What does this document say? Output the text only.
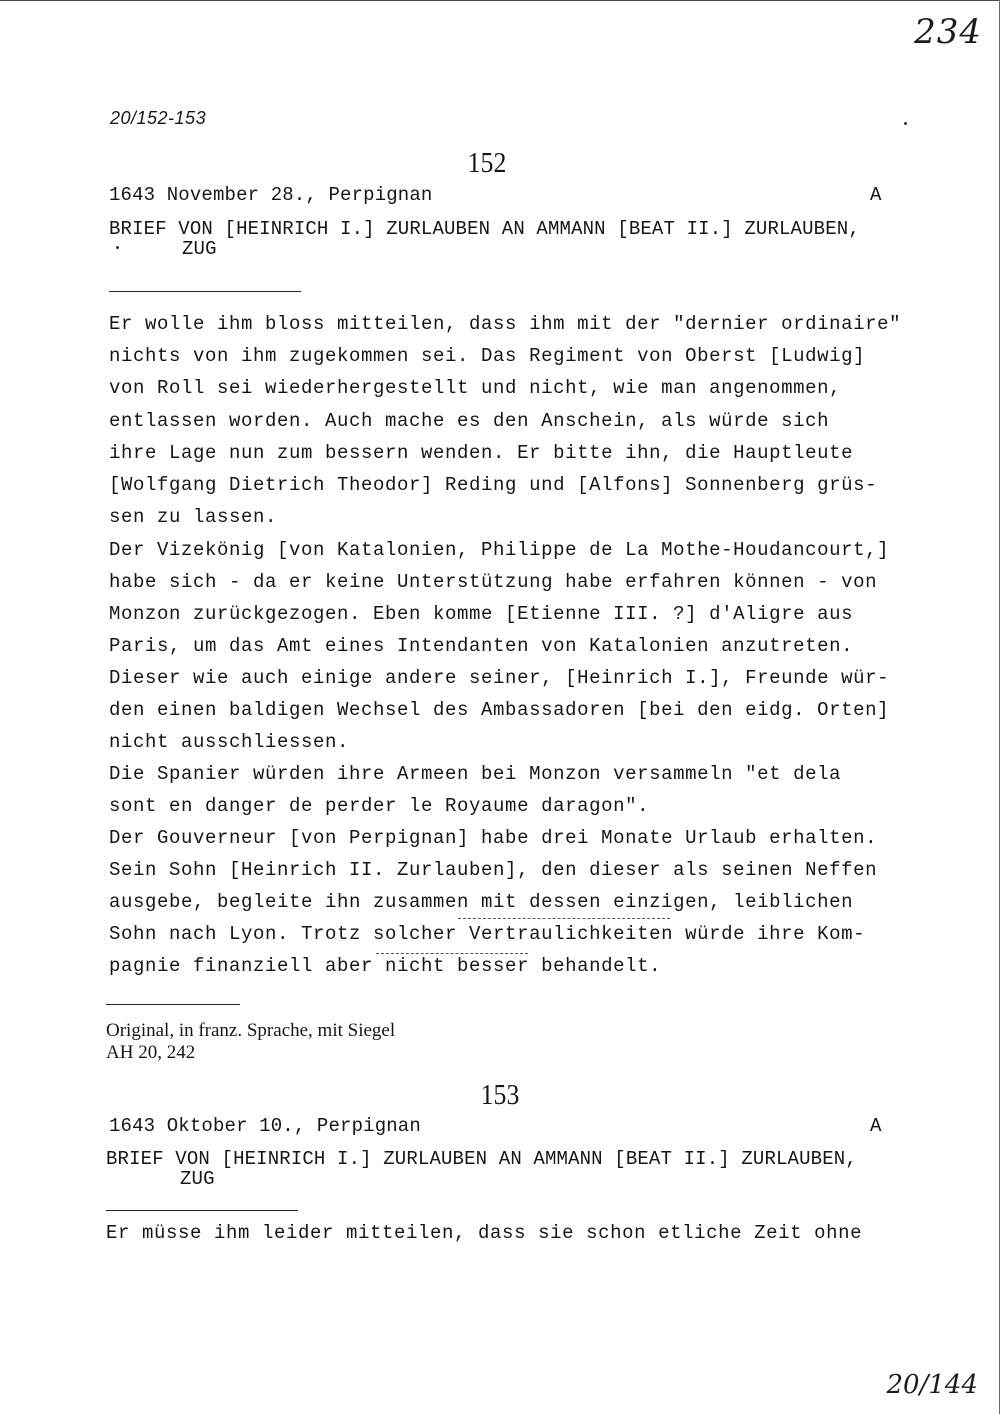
234
20/152-153
152
1643 November 28., Perpignan	A
BRIEF VON [HEINRICH I.] ZURLAUBEN AN AMMANN [BEAT II.] ZURLAUBEN,
ZUG
Er wolle ihm bloss mitteilen, dass ihm mit der "dernier ordinaire"
nichts von ihm zugekommen sei. Das Regiment von Oberst [Ludwig]
von Roll sei wiederhergestellt und nicht, wie man angenommen,
entlassen worden. Auch mache es den Anschein, als würde sich
ihre Lage nun zum bessern wenden. Er bitte ihn, die Hauptleute
[Wolfgang Dietrich Theodor] Reding und [Alfons] Sonnenberg grüs-
sen zu lassen.
Der Vizekönig [von Katalonien, Philippe de La Mothe-Houdancourt,]
habe sich - da er keine Unterstützung habe erfahren können - von
Monzon zurückgezogen. Eben komme [Etienne III. ?] d'Aligre aus
Paris, um das Amt eines Intendanten von Katalonien anzutreten.
Dieser wie auch einige andere seiner, [Heinrich I.], Freunde wür-
den einen baldigen Wechsel des Ambassadoren [bei den eidg. Orten]
nicht ausschliessen.
Die Spanier würden ihre Armeen bei Monzon versammeln "et dela
sont en danger de perder le Royaume daragon".
Der Gouverneur [von Perpignan] habe drei Monate Urlaub erhalten.
Sein Sohn [Heinrich II. Zurlauben], den dieser als seinen Neffen
ausgebe, begleite ihn zusammen mit dessen einzigen, leiblichen
Sohn nach Lyon. Trotz solcher Vertraulichkeiten würde ihre Kom-
pagnie finanziell aber nicht besser behandelt.
Original, in franz. Sprache, mit Siegel
AH 20, 242
153
1643 Oktober 10., Perpignan	A
BRIEF VON [HEINRICH I.] ZURLAUBEN AN AMMANN [BEAT II.] ZURLAUBEN,
ZUG
Er müsse ihm leider mitteilen, dass sie schon etliche Zeit ohne
20/144
